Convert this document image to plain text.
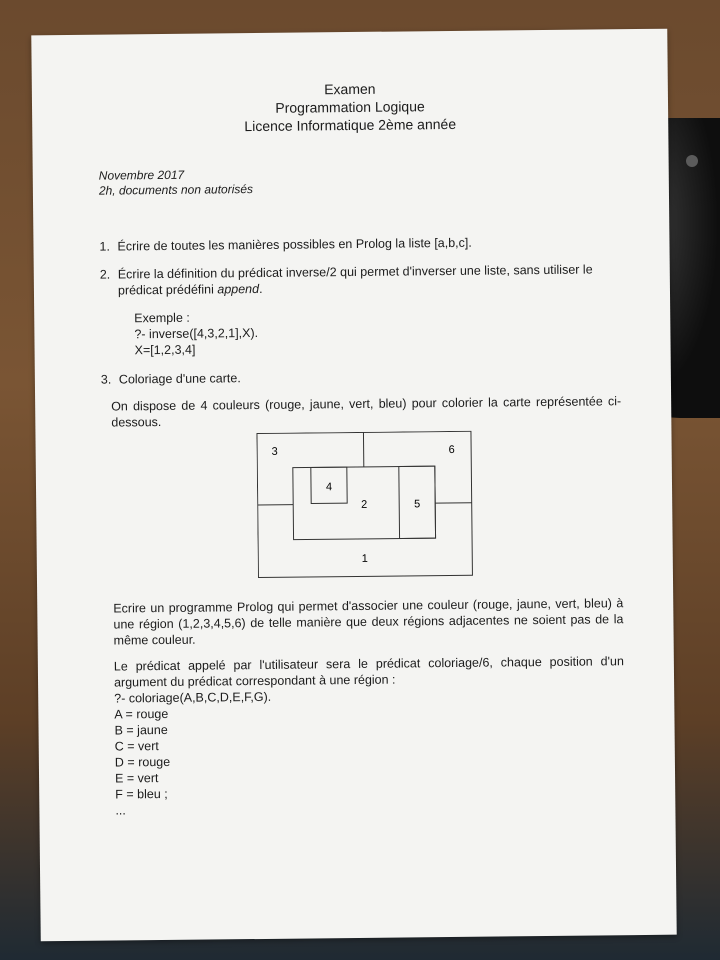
Examen
Programmation Logique
Licence Informatique 2ème année
Novembre 2017
2h, documents non autorisés
1. Écrire de toutes les manières possibles en Prolog la liste [a,b,c].
2. Écrire la définition du prédicat inverse/2 qui permet d'inverser une liste, sans utiliser le
prédicat prédéfini append.
Exemple :
?- inverse([4,3,2,1],X).
X=[1,2,3,4]
3. Coloriage d'une carte.
On dispose de 4 couleurs (rouge, jaune, vert, bleu) pour colorier la carte représentée ci-dessous.
3	6
4
2	5
1
Ecrire un programme Prolog qui permet d'associer une couleur (rouge, jaune, vert, bleu) à une région (1,2,3,4,5,6) de telle manière que deux régions adjacentes ne soient pas de la même couleur.
Le prédicat appelé par l'utilisateur sera le prédicat coloriage/6, chaque position d'un argument du prédicat correspondant à une région :
?- coloriage(A,B,C,D,E,F,G).
A = rouge
B = jaune
C = vert
D = rouge
E = vert
F = bleu ;
...
